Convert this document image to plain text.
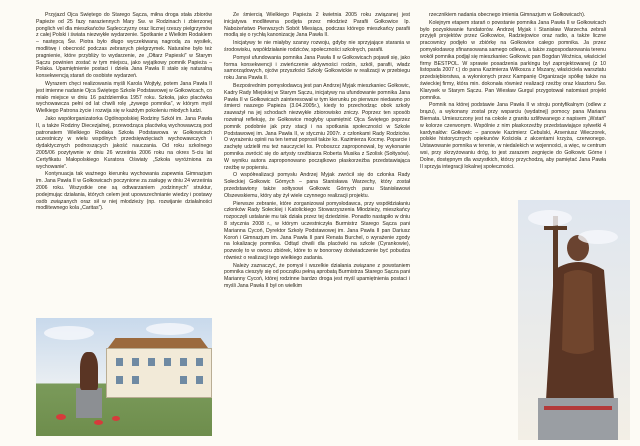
Przyjazd Ojca Świętego do Starego Sącza, miłna droga stała zbiorów Papieże od 25 fazy naraziennych Mary Sw. w Rodzinach i zbierzonej ponglich vel dla mieszkańców Sądecczyzny oraz licznej rzeszy pielgrzymów z całej Polski i świata niezwykłe wydarzenie. Spotkanie z Wielkim Rodakiem – następcą Św. Piotra było długo wyczekiwaną nagrodą za wysiłek, modlitwę i obecność podczas zebranych pielgrzymek. Naturalne było też pragnienie, które przybliży to wydarzenie, ze „Ołtarz Papieski” w Starym Sączu powinien zostać w tym miejscu, jako wyjątkowy pomnik Papieża – Polaka. Upamiętnienie postaci i dzieła Jana Pawła II stało się naturalną konsekwencją starań do osobiste wydarzeń.

Wyrazem chęci realizowania myśli Karola Wojtyły, potem Jana Pawła II jest imienne nadanie Ojca Świętego Szkole Podstawowej w Gołkowicach, co miało miejsce w dniu 16 października 1957 roku. Szkoła, jako placówka wychowawcza pełni od lat chwili rolę „żywego pomnika”, w którym myśl Wielkiego Patrona życie i rozwija się w każdym pokoleniu młodych ludzi.

Jako współorganizatorka Ogólnopolskiej Rodziny Szkół im. Jana Pawła II, a także Rodziny Diecezjalnej, przewodząca placówką wychowawczą pod patronatem Wielkiego Rodaka Szkoła Podstawowa w Gołkowicach uczestniczy w wielu wspólnych przedsięwzięciach wychowawczych i dydaktycznych podnoszących jakość nauczania. Od roku szkolnego 2005/06 pozytywnie w dniu 26 września 2006 roku na okres 5-ciu lat Certyfikatu Małopolskiego Kuratora Oświaty „Szkoła wyróżniona za wychowanie”.

Kontynuacja tak ważnego kierunku wychowania zapewnia Gimnazjum im. Jana Pawła II w Gołkowicach poczynione za zasługę w dniu 24 września 2006 roku. Wszystkie one są odtwarzaniem „rodzinnych” struktur, podejmując działania, których celem jest upowszechnianie wiedzy i postawy osób związanych oraz sił w niej młodzieży (np. rozwijanie działalności modlitewnego kola „Caritas”).

Ze śmiercią Wielkiego Papieża 2 kwietnia 2005 roku związanej jest inicjatywa modlitewna podjęta przez młodzież Parafii Gołkowice Ip. Nabożeństwo Pierwszych Sobót Miesiąca, podczas którego mieszkańcy parafii modlą się o rychłą kanonizację Jana Pawła II.

Inicjatywy te nie miałyby szansy rozwoju, gdyby nie sprzyjające starania w środowisku, współdziałanie rodziców, społeczności szkolnych, parafii.

Pomysł ufundowania pomnika Jana Pawła II w Gołkowicach pojawił się, jako forma konsekwencji i zwieńczenie aktywności rodzin, szkół, parafii, władz samorządowych, ojców przyszłości Szkoły Gołkowickie w realizacji w przebiegu roku Jana Pawła II.

Bezpośrednim pomysłodawcą jest pan Andrzej Myjak mieszkaniec Gołkowic, Kadry Rady Miejskiej w Starym Sączu, inicjatywy na ufundowanie pomnika Jana Pawła II w Gołkowicach zainteresował w tym kierunku po pierwsze niedawno po śmierci naszego Papieża (3.04.2005r.), kiedy to przechodząc obok szkoły zauważył na jej schodach niezwykłe zbiorowisko zniczy. Poprzez ten sposób rozwinął refleksję, że Gołkowice mogłyby upamiętnić Ojca Świętego poprzez pomnik podobnie jak przy stacji i na spotkania społeczności w Szkole Podstawowej im. Jana Pawła II, w styczniu 2007r. z członkami Rady Rodziców. O wyrażeniu opinii na ten temat poprosił także ks. Kazimierza Kocmę. Poparcie i zachętę udzielił mu też nauczyciel ks. Proboszcz zaproponował, by wykonanie pomnika zwrócić się do artysty rzeźbiarza Roberta Musika z Szolisk (Sołtysów). W wyniku autora zaproponowano początkowo płaskorzeźba przedstawiająca rzeźbę w popiersiu.

O współrealizacji pomysłu Andrzej Myjak zwrócił się do członka Rady Sołeckiej Gołkowic Górnych – pana Stanisława Warzechy, który został przedstawiony także sołtysowi Gołkowic Górnych panu Stanisławowi Olszewskiemu, który aby żył wiele czynnego realizacji projektu.

Pierwsze zebranie, które zorganizował pomysłodawca, przy współdziałaniu członków Rady Sołeckiej i Katolickiego Stowarzyszenia Młodzieży, mieszkańcy rozpoczęli ustalanie mu tak działa przez tej dziedzinie. Ponadto nastąpiło w dniu 8 stycznia 2008 r., w którym uczestniczyła Burmistrz Starego Sącza pani Marianna Cycoń, Dyrektor Szkoły Podstawowej im. Jana Pawła II pan Dariusz Koroń i Gimnazjum im. Jana Pawła II pani Renata Burchel, o wyrażenie zgody na lokalizację pomnika. Odtąd chwili dla placówki na szkole (Cyrankowie), pozwolę to w owocu zbiórek, które to w bonorowy doświadczenie być pobudza również o realizacji tego wielkiego zadania.

Należy zaznaczyć, że pomysł i wszelkie działania związane z powstaniem pomnika cieszyły się od początku pełną aprobatą Burmistrza Starego Sącza pani Marianny Cycoń, której rodzinne bardzo droga jest myśl upamiętnienia postaci i myśli Jana Pawła II był on wielkim

rzecznikiem nadania obecnego imienia Gimnazjum w Gołkowicach).

Kolejnym etapem starań o powstanie pomnika Jana Pawła II w Gołkowicach było pozyskiwanie fundatorów. Andrzej Myjak i Stanisław Warzecha zebrali przyjęli projektów przez Gołkowice, Radziejowice oraz radio, a także liczne pracownicy podjęło w zbiórkę na Gołkowice całego pomnika. Ja przez pomysłodawcę sfinansowana samego odlewu, a także zagospodarowania terenu wokół pomnika podjął się mieszkaniec Gołkowic pan Bogdan Woźnica, właściciel firmy BESTPOL. W sprawie posadzenia parkingu był zaprojektowanej (z 10 listopada 2007 r.) do pana Kazimierza Wilkosza z Mszany, właściciela warsztatu przedsiębiorstwa, a wyłonionych przez Kampanię Organizacje spółkę także na świeckiej firmy, która min. dokonała również realizacji rzeźby oraz klasztoru Św. Klarysek w Starym Sączu. Pan Wiesław Gurgul przygotował natomiast projekt pomnika.

Pomnik na której podstawie Jana Pawła II w stroju pontyfikalnym (odlew z brązu), a wykonany został przy wsparciu (wydatnej) pomocy pana Mariana Biernata. Umieszczony jest na cokole z granitu szlifowanego z napisem „Wstań” w kolorze czerwonym. Wspólnie z nim płaskorzeźby przedstawiające sylwetki 4 kardynałów: Gołkowic – panowie Kazimierz Cebulski, Arseniusz Wieczorek, polskie historycznych opiekunów Kościoła z akcentami krzyża, czerwonego. Ustawowanie pomnika w terenie, w niedalekich w wojenności, a więc, w centrum wsi, przy skrzyżowaniu dróg, to jest zarazem zegnięcie do Gołkowic Górne i Dolne, dostępnym dla wszystkich, którzy przychodzą, aby pamiętać Jana Pawła II sprzyja integracji lokalnej społeczności.
